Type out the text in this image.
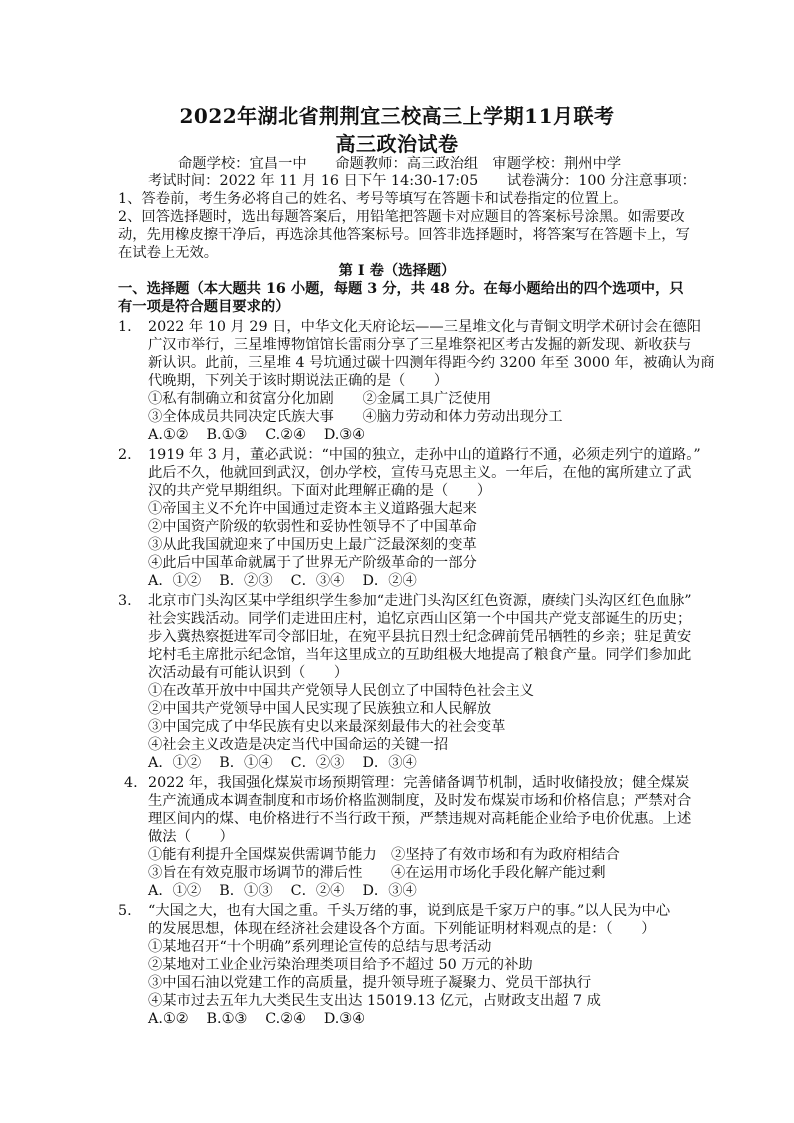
2022年湖北省荆荆宜三校高三上学期11月联考
高三政治试卷
命题学校：宜昌一中　　命题教师：高三政治组　审题学校：荆州中学
考试时间：2022 年 11 月 16 日下午 14:30-17:05　　试卷满分：100 分注意事项：
1、答卷前，考生务必将自己的姓名、考号等填写在答题卡和试卷指定的位置上。
2、回答选择题时，选出每题答案后，用铅笔把答题卡对应题目的答案标号涂黑。如需要改
动，先用橡皮擦干净后，再选涂其他答案标号。回答非选择题时，将答案写在答题卡上，写
在试卷上无效。
第 I 卷（选择题）
一、选择题（本大题共 16 小题，每题 3 分，共 48 分。在每小题给出的四个选项中，只
有一项是符合题目要求的）
1. 2022 年 10 月 29 日，中华文化天府论坛——三星堆文化与青铜文明学术研讨会在德阳
广汉市举行，三星堆博物馆馆长雷雨分享了三星堆祭祀区考古发掘的新发现、新收获与
新认识。此前，三星堆 4 号坑通过碳十四测年得距今约 3200 年至 3000 年，被确认为商
代晚期，下列关于该时期说法正确的是（　　）
①私有制确立和贫富分化加剧　　②金属工具广泛使用
③全体成员共同决定氏族大事　　④脑力劳动和体力劳动出现分工
A.①② B.①③ C.②④ D.③④
2. 1919 年 3 月，董必武说：“中国的独立，走孙中山的道路行不通，必须走列宁的道路。”
此后不久，他就回到武汉，创办学校，宣传马克思主义。一年后，在他的寓所建立了武
汉的共产党早期组织。下面对此理解正确的是（　　）
①帝国主义不允许中国通过走资本主义道路强大起来
②中国资产阶级的软弱性和妥协性领导不了中国革命
③从此我国就迎来了中国历史上最广泛最深刻的变革
④此后中国革命就属于了世界无产阶级革命的一部分
A．①② B．②③ C．③④ D．②④
3. 北京市门头沟区某中学组织学生参加“走进门头沟区红色资源，赓续门头沟区红色血脉”
社会实践活动。同学们走进田庄村，追忆京西山区第一个中国共产党支部诞生的历史；
步入冀热察挺进军司令部旧址，在宛平县抗日烈士纪念碑前凭吊牺牲的乡亲；驻足黄安
坨村毛主席批示纪念馆，当年这里成立的互助组极大地提高了粮食产量。同学们参加此
次活动最有可能认识到（　　）
①在改革开放中中国共产党领导人民创立了中国特色社会主义
②中国共产党领导中国人民实现了民族独立和人民解放
③中国完成了中华民族有史以来最深刻最伟大的社会变革
④社会主义改造是决定当代中国命运的关键一招
A．①② B．①④ C．②③ D．③④
4. 2022 年，我国强化煤炭市场预期管理：完善储备调节机制，适时收储投放；健全煤炭
生产流通成本调查制度和市场价格监测制度，及时发布煤炭市场和价格信息；严禁对合
理区间内的煤、电价格进行不当行政干预，严禁违规对高耗能企业给予电价优惠。上述
做法（　　）
①能有利提升全国煤炭供需调节能力　②坚持了有效市场和有为政府相结合
③旨在有效克服市场调节的滞后性　　④在运用市场化手段化解产能过剩
A．①② B．①③ C．②④ D．③④
5. “大国之大，也有大国之重。千头万绪的事，说到底是千家万户的事。”以人民为中心
的发展思想，体现在经济社会建设各个方面。下列能证明材料观点的是：（　　）
①某地召开“十个明确”系列理论宣传的总结与思考活动
②某地对工业企业污染治理类项目给予不超过 50 万元的补助
③中国石油以党建工作的高质量，提升领导班子凝聚力、党员干部执行
④某市过去五年九大类民生支出达 15019.13 亿元，占财政支出超 7 成
A.①② B.①③ C.②④ D.③④
